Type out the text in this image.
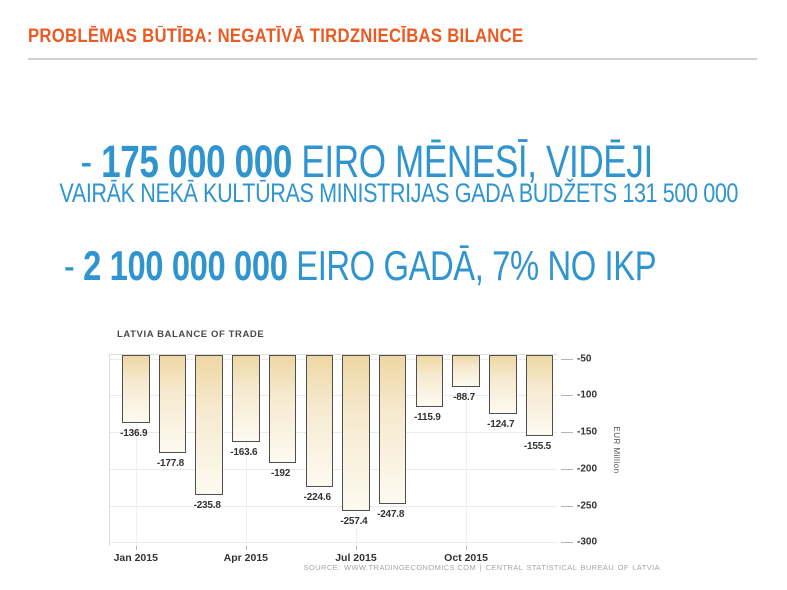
PROBLĒMAS BŪTĪBA: NEGATĪVĀ TIRDZNIECĪBAS BILANCE

- 175 000 000 EIRO MĒNESĪ, VIDĒJI

VAIRĀK NEKĀ KULTŪRAS MINISTRIJAS GADA BUDŽETS 131 500 000

- 2 100 000 000 EIRO GADĀ, 7% NO IKP

LATVIA BALANCE OF TRADE
-50
-100
-150
-200
-250
-300
Jan 2015	Apr 2015	Jul 2015	Oct 2015
-136.9
-177.8
-235.8
-163.6
-192
-224.6
-257.4
-247.8
-115.9
-88.7
-124.7
-155.5	EUR Million
SOURCE: WWW.TRADINGECONOMICS.COM | CENTRAL STATISTICAL BUREAU OF LATVIA
